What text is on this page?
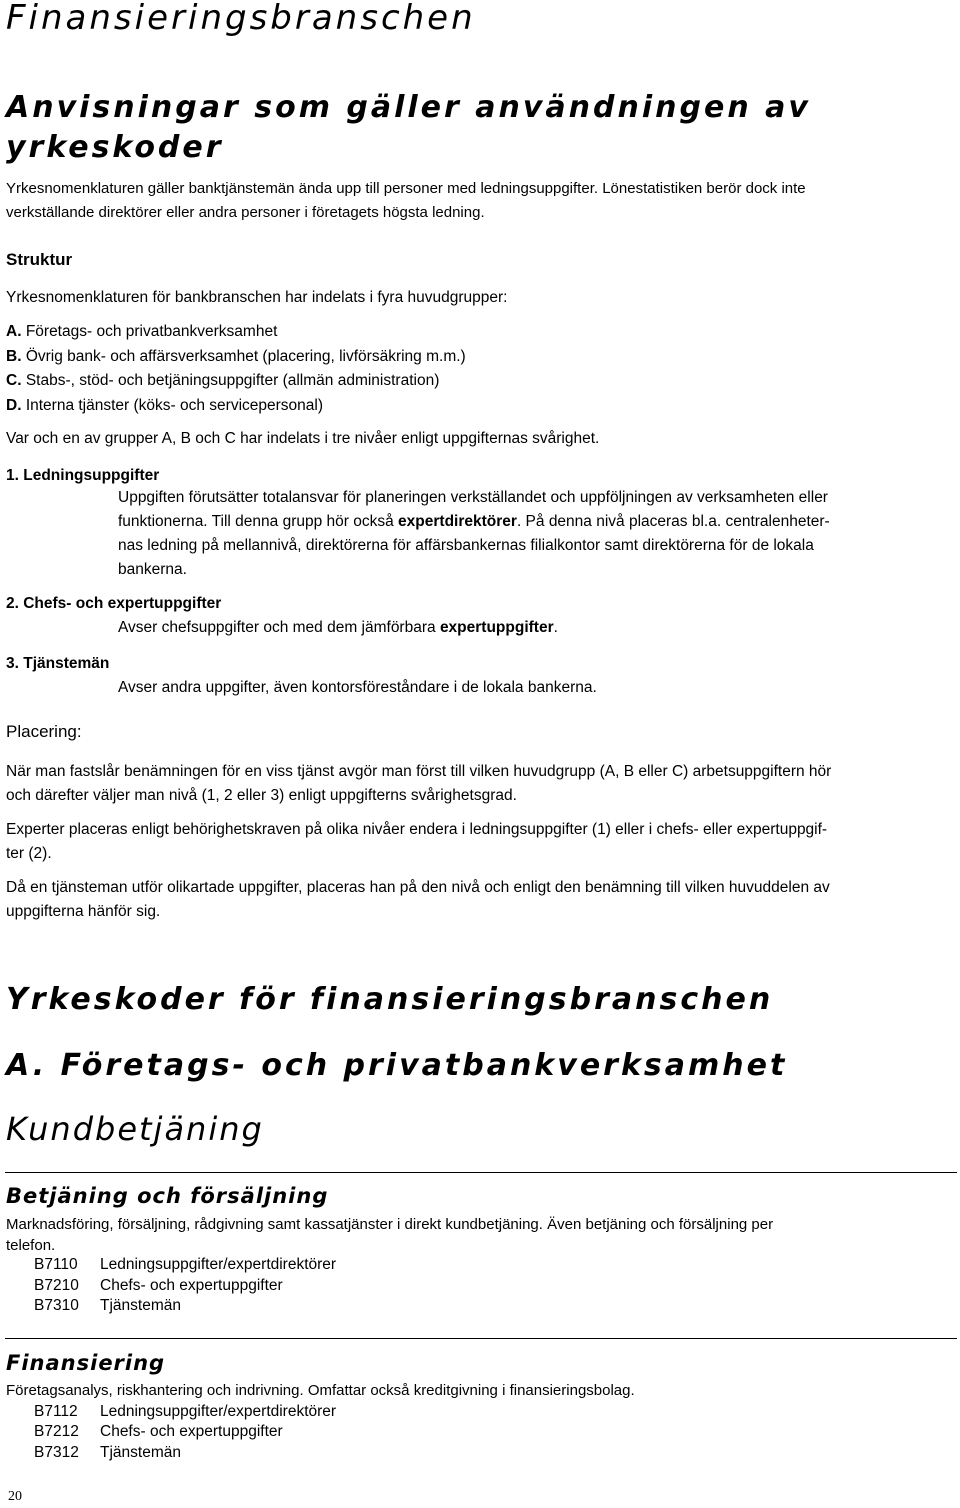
Finansieringsbranschen
Anvisningar som gäller användningen av
yrkeskoder
Yrkesnomenklaturen gäller banktjänstemän ända upp till personer med ledningsuppgifter. Lönestatistiken berör dock inte
verkställande direktörer eller andra personer i företagets högsta ledning.
Struktur
Yrkesnomenklaturen för bankbranschen har indelats i fyra huvudgrupper:
A. Företags- och privatbankverksamhet
B. Övrig bank- och affärsverksamhet (placering, livförsäkring m.m.)
C. Stabs-, stöd- och betjäningsuppgifter (allmän administration)
D. Interna tjänster (köks- och servicepersonal)
Var och en av grupper A, B och C har indelats i tre nivåer enligt uppgifternas svårighet.
1. Ledningsuppgifter
Uppgiften förutsätter totalansvar för planeringen verkställandet och uppföljningen av verksamheten eller
funktionerna. Till denna grupp hör också expertdirektörer. På denna nivå placeras bl.a. centralenheter-
nas ledning på mellannivå, direktörerna för affärsbankernas filialkontor samt direktörerna för de lokala
bankerna.
2. Chefs- och expertuppgifter
Avser chefsuppgifter och med dem jämförbara expertuppgifter.
3. Tjänstemän
Avser andra uppgifter, även kontorsföreståndare i de lokala bankerna.
Placering:
När man fastslår benämningen för en viss tjänst avgör man först till vilken huvudgrupp (A, B eller C) arbetsuppgiftern hör
och därefter väljer man nivå (1, 2 eller 3) enligt uppgifterns svårighetsgrad.
Experter placeras enligt behörighetskraven på olika nivåer endera i ledningsuppgifter (1) eller i chefs- eller expertuppgif-
ter (2).
Då en tjänsteman utför olikartade uppgifter, placeras han på den nivå och enligt den benämning till vilken huvuddelen av
uppgifterna hänför sig.
Yrkeskoder för finansieringsbranschen
A. Företags- och privatbankverksamhet
Kundbetjäning
Betjäning och försäljning
Marknadsföring, försäljning, rådgivning samt kassatjänster i direkt kundbetjäning. Även betjäning och försäljning per
telefon.
B7110 Ledningsuppgifter/expertdirektörer
B7210 Chefs- och expertuppgifter
B7310 Tjänstemän
Finansiering
Företagsanalys, riskhantering och indrivning. Omfattar också kreditgivning i finansieringsbolag.
B7112 Ledningsuppgifter/expertdirektörer
B7212 Chefs- och expertuppgifter
B7312 Tjänstemän
20
